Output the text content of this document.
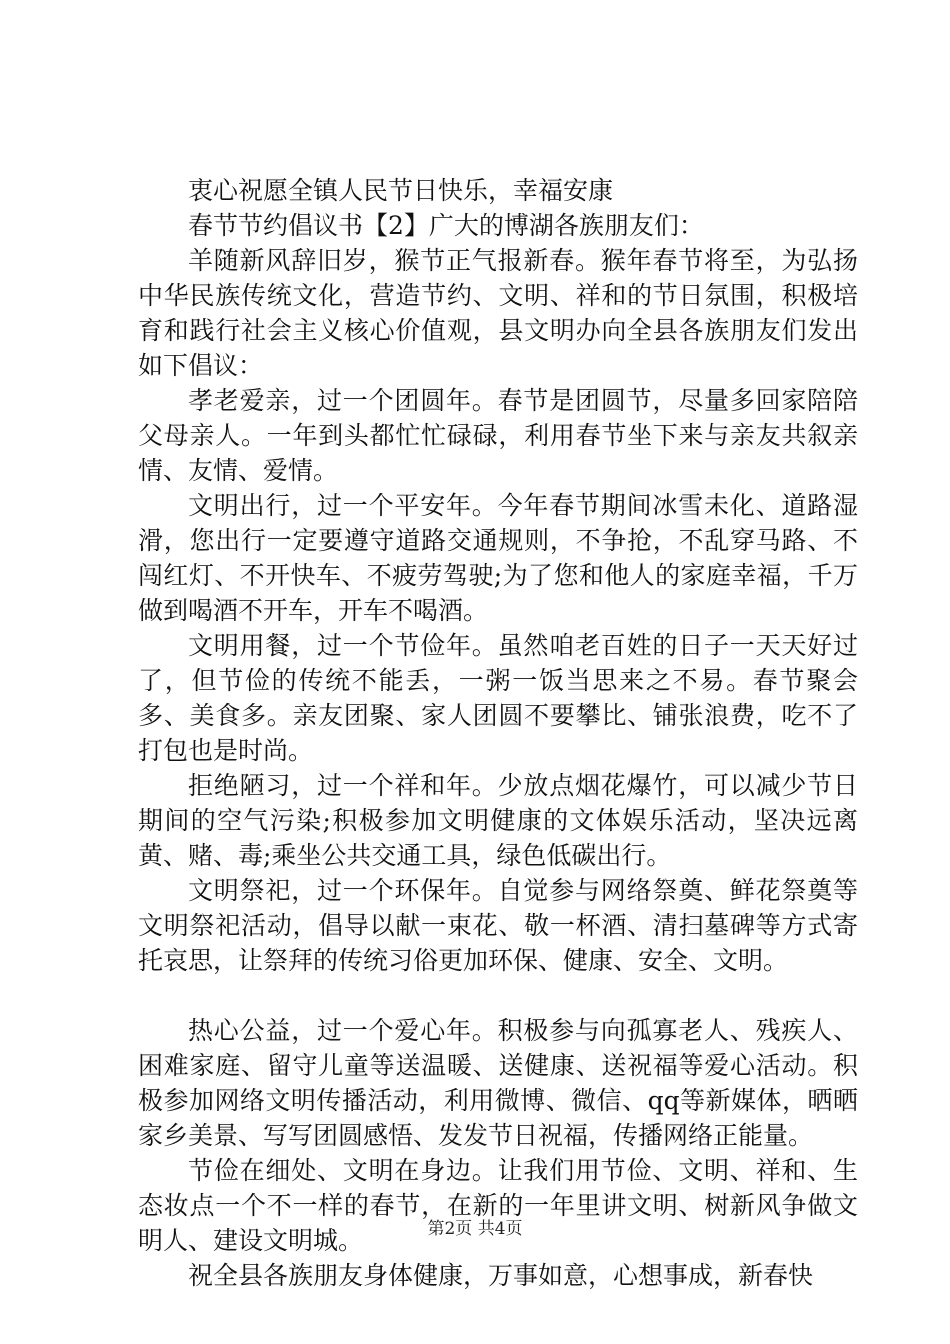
衷心祝愿全镇人民节日快乐，幸福安康

春节节约倡议书【2】广大的博湖各族朋友们：

羊随新风辞旧岁，猴节正气报新春。猴年春节将至，为弘扬中华民族传统文化，营造节约、文明、祥和的节日氛围，积极培育和践行社会主义核心价值观，县文明办向全县各族朋友们发出如下倡议：

孝老爱亲，过一个团圆年。春节是团圆节，尽量多回家陪陪父母亲人。一年到头都忙忙碌碌，利用春节坐下来与亲友共叙亲情、友情、爱情。

文明出行，过一个平安年。今年春节期间冰雪未化、道路湿滑，您出行一定要遵守道路交通规则，不争抢，不乱穿马路、不闯红灯、不开快车、不疲劳驾驶;为了您和他人的家庭幸福，千万做到喝酒不开车，开车不喝酒。

文明用餐，过一个节俭年。虽然咱老百姓的日子一天天好过了，但节俭的传统不能丢，一粥一饭当思来之不易。春节聚会多、美食多。亲友团聚、家人团圆不要攀比、铺张浪费，吃不了打包也是时尚。

拒绝陋习，过一个祥和年。少放点烟花爆竹，可以减少节日期间的空气污染;积极参加文明健康的文体娱乐活动，坚决远离黄、赌、毒;乘坐公共交通工具，绿色低碳出行。

文明祭祀，过一个环保年。自觉参与网络祭奠、鲜花祭奠等文明祭祀活动，倡导以献一束花、敬一杯酒、清扫墓碑等方式寄托哀思，让祭拜的传统习俗更加环保、健康、安全、文明。

热心公益，过一个爱心年。积极参与向孤寡老人、残疾人、困难家庭、留守儿童等送温暖、送健康、送祝福等爱心活动。积极参加网络文明传播活动，利用微博、微信、qq等新媒体，晒晒家乡美景、写写团圆感悟、发发节日祝福，传播网络正能量。

节俭在细处、文明在身边。让我们用节俭、文明、祥和、生态妆点一个不一样的春节，在新的一年里讲文明、树新风争做文明人、建设文明城。

祝全县各族朋友身体健康，万事如意，心想事成，新春快

第2页 共4页
